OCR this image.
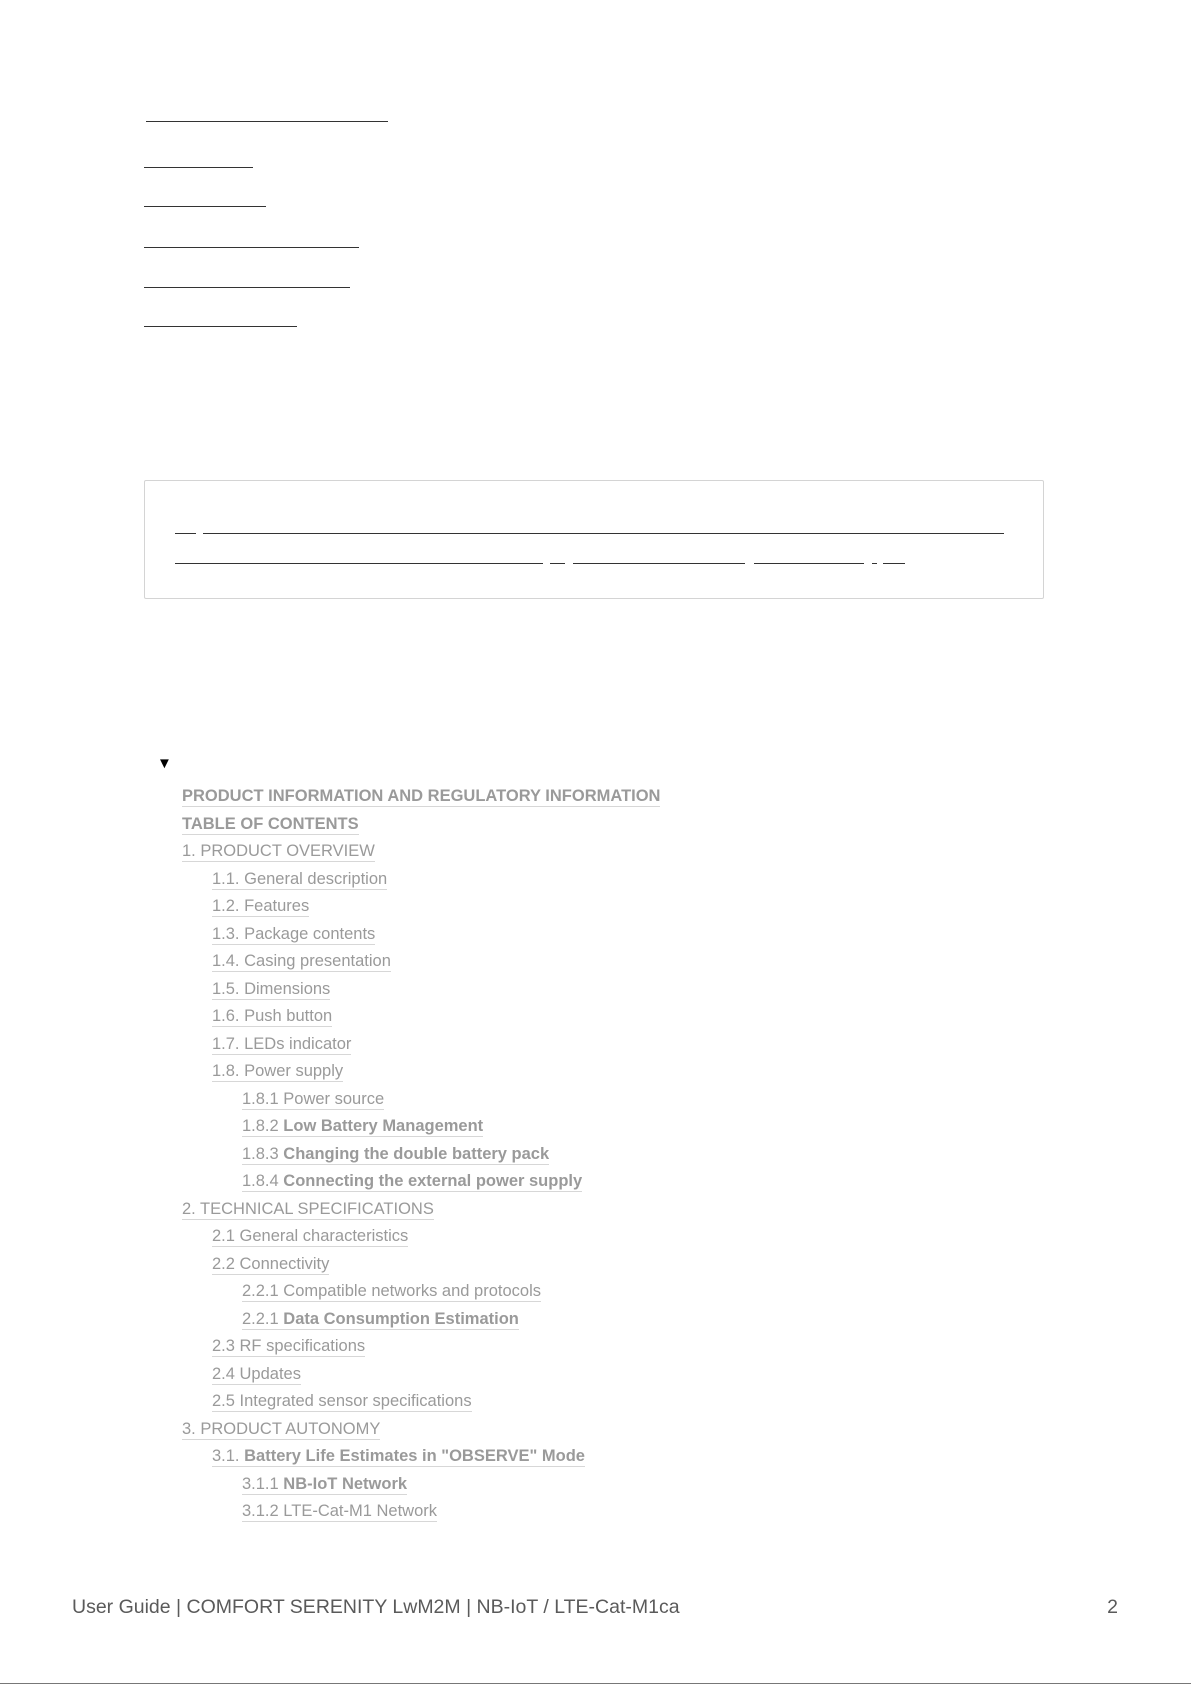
▼
PRODUCT INFORMATION AND REGULATORY INFORMATION
TABLE OF CONTENTS
1. PRODUCT OVERVIEW
1.1. General description
1.2. Features
1.3. Package contents
1.4. Casing presentation
1.5. Dimensions
1.6. Push button
1.7. LEDs indicator
1.8. Power supply
1.8.1 Power source
1.8.2 Low Battery Management
1.8.3 Changing the double battery pack
1.8.4 Connecting the external power supply
2. TECHNICAL SPECIFICATIONS
2.1 General characteristics
2.2 Connectivity
2.2.1 Compatible networks and protocols
2.2.1 Data Consumption Estimation
2.3 RF specifications
2.4 Updates
2.5 Integrated sensor specifications
3. PRODUCT AUTONOMY
3.1. Battery Life Estimates in "OBSERVE" Mode
3.1.1 NB-IoT Network
3.1.2 LTE-Cat-M1 Network
User Guide | COMFORT SERENITY LwM2M | NB-IoT / LTE-Cat-M1ca	2
